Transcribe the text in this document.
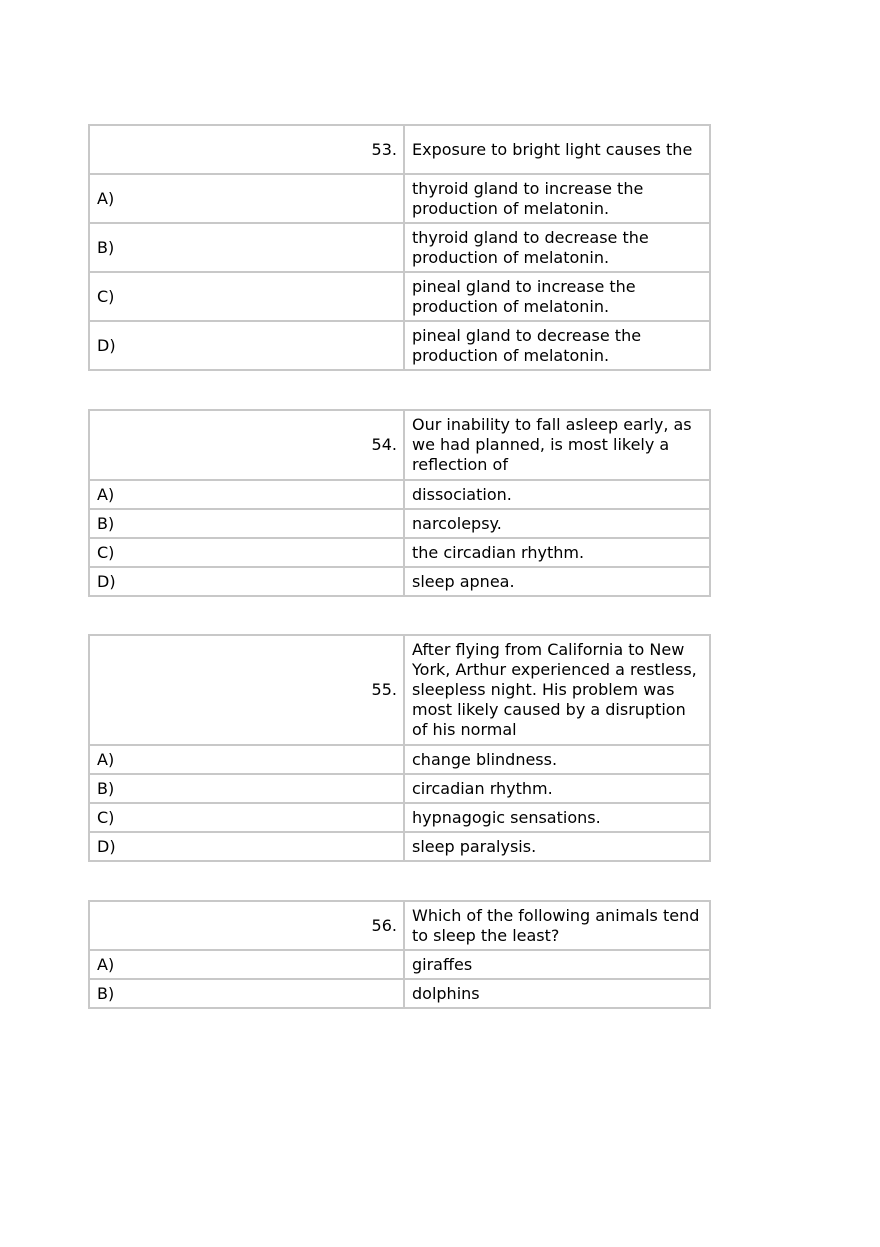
53.	Exposure to bright light causes the
A)	thyroid gland to increase the production of melatonin.
B)	thyroid gland to decrease the production of melatonin.
C)	pineal gland to increase the production of melatonin.
D)	pineal gland to decrease the production of melatonin.
54.	Our inability to fall asleep early, as we had planned, is most likely a reflection of
A)	dissociation.
B)	narcolepsy.
C)	the circadian rhythm.
D)	sleep apnea.
55.	After flying from California to New York, Arthur experienced a restless, sleepless night. His problem was most likely caused by a disruption of his normal
A)	change blindness.
B)	circadian rhythm.
C)	hypnagogic sensations.
D)	sleep paralysis.
56.	Which of the following animals tend to sleep the least?
A)	giraffes
B)	dolphins
